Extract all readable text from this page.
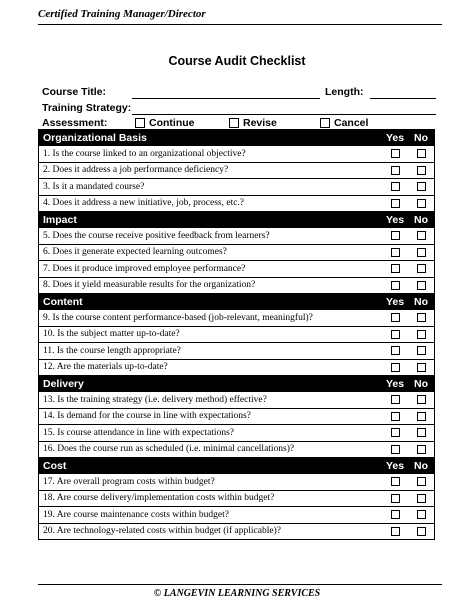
Certified Training Manager/Director
Course Audit Checklist
Course Title:	Length:
Training Strategy:
Assessment:	Continue	Revise	Cancel
Organizational Basis	Yes No
1. Is the course linked to an organizational objective?
2. Does it address a job performance deficiency?
3. Is it a mandated course?
4. Does it address a new initiative, job, process, etc.?
Impact	Yes No
5. Does the course receive positive feedback from learners?
6. Does it generate expected learning outcomes?
7. Does it produce improved employee performance?
8. Does it yield measurable results for the organization?
Content	Yes No
9. Is the course content performance-based (job-relevant, meaningful)?
10. Is the subject matter up-to-date?
11. Is the course length appropriate?
12. Are the materials up-to-date?
Delivery	Yes No
13. Is the training strategy (i.e. delivery method) effective?
14. Is demand for the course in line with expectations?
15. Is course attendance in line with expectations?
16. Does the course run as scheduled (i.e. minimal cancellations)?
Cost	Yes No
17. Are overall program costs within budget?
18. Are course delivery/implementation costs within budget?
19. Are course maintenance costs within budget?
20. Are technology-related costs within budget (if applicable)?
© LANGEVIN LEARNING SERVICES
